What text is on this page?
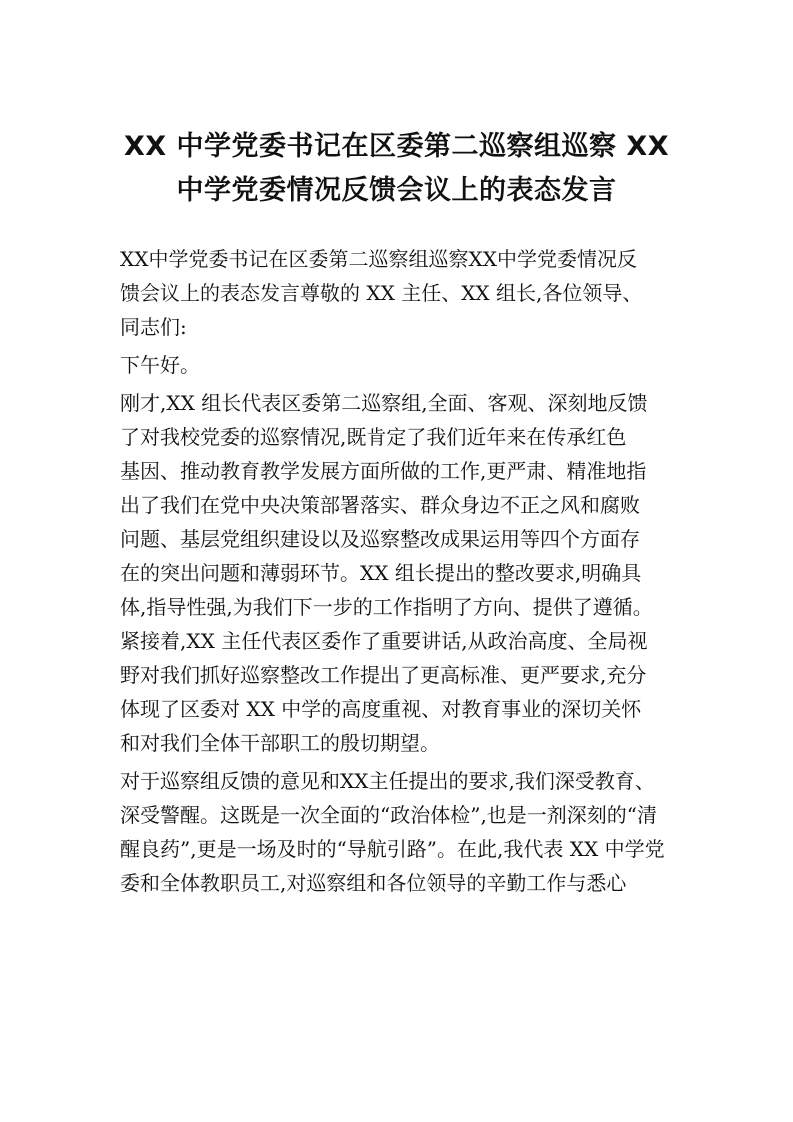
XX 中学党委书记在区委第二巡察组巡察 XX
中学党委情况反馈会议上的表态发言
XX中学党委书记在区委第二巡察组巡察XX中学党委情况反
馈会议上的表态发言尊敬的 XX 主任、XX 组长,各位领导、
同志们:
下午好。
刚才,XX 组长代表区委第二巡察组,全面、客观、深刻地反馈
了对我校党委的巡察情况,既肯定了我们近年来在传承红色
基因、推动教育教学发展方面所做的工作,更严肃、精准地指
出了我们在党中央决策部署落实、群众身边不正之风和腐败
问题、基层党组织建设以及巡察整改成果运用等四个方面存
在的突出问题和薄弱环节。XX 组长提出的整改要求,明确具
体,指导性强,为我们下一步的工作指明了方向、提供了遵循。
紧接着,XX 主任代表区委作了重要讲话,从政治高度、全局视
野对我们抓好巡察整改工作提出了更高标准、更严要求,充分
体现了区委对 XX 中学的高度重视、对教育事业的深切关怀
和对我们全体干部职工的殷切期望。
对于巡察组反馈的意见和XX主任提出的要求,我们深受教育、
深受警醒。这既是一次全面的“政治体检”,也是一剂深刻的“清
醒良药”,更是一场及时的“导航引路”。在此,我代表 XX 中学党
委和全体教职员工,对巡察组和各位领导的辛勤工作与悉心
